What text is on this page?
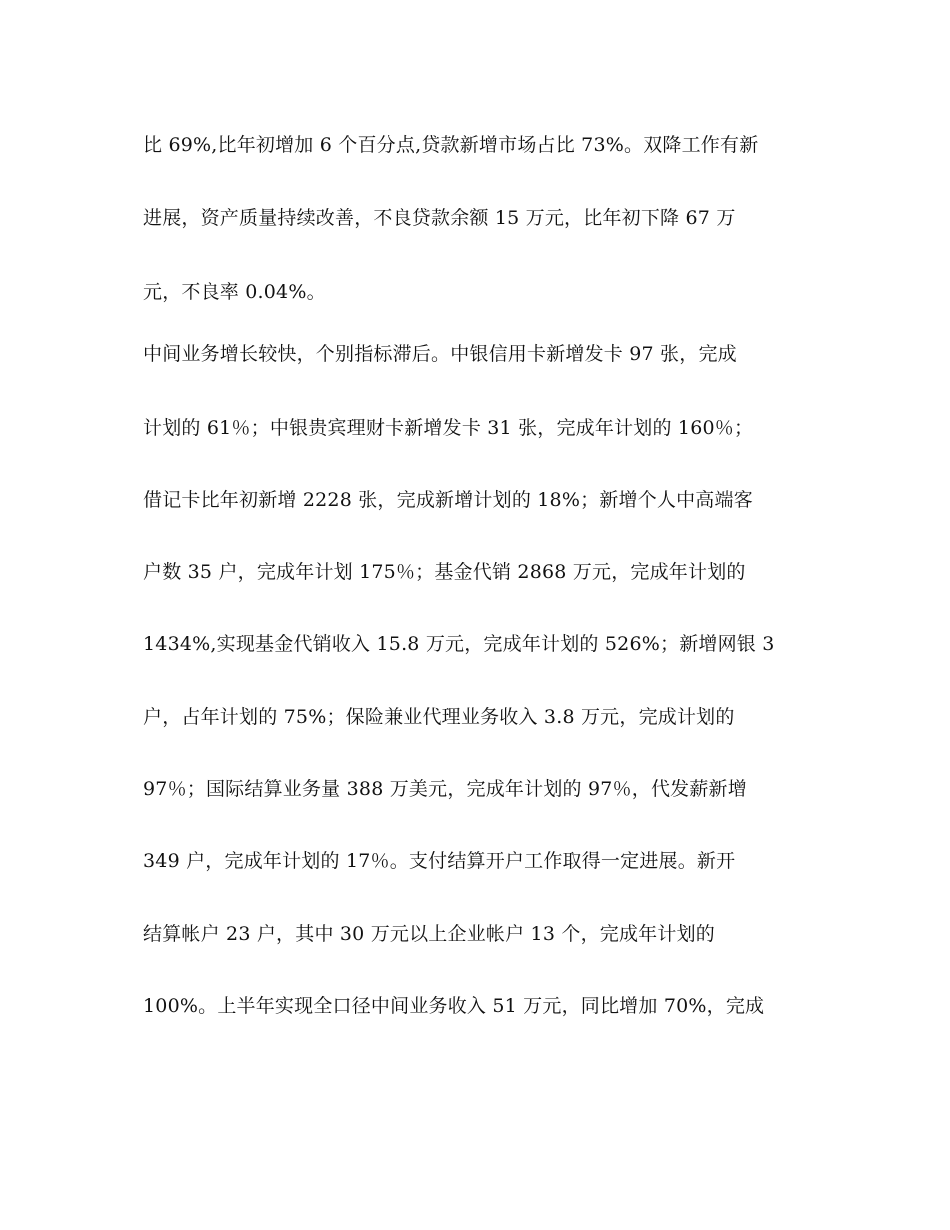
比 69%,比年初增加 6 个百分点,贷款新增市场占比 73%。双降工作有新
进展，资产质量持续改善，不良贷款余额 15 万元，比年初下降 67 万
元，不良率 0.04%。
中间业务增长较快，个别指标滞后。中银信用卡新增发卡 97 张，完成
计划的 61％；中银贵宾理财卡新增发卡 31 张，完成年计划的 160％；
借记卡比年初新增 2228 张，完成新增计划的 18%；新增个人中高端客
户数 35 户，完成年计划 175％；基金代销 2868 万元，完成年计划的
1434%,实现基金代销收入 15.8 万元，完成年计划的 526%；新增网银 3
户，占年计划的 75%；保险兼业代理业务收入 3.8 万元，完成计划的
97％；国际结算业务量 388 万美元，完成年计划的 97％，代发薪新增
349 户，完成年计划的 17％。支付结算开户工作取得一定进展。新开
结算帐户 23 户，其中 30 万元以上企业帐户 13 个，完成年计划的
100%。上半年实现全口径中间业务收入 51 万元，同比增加 70%，完成
